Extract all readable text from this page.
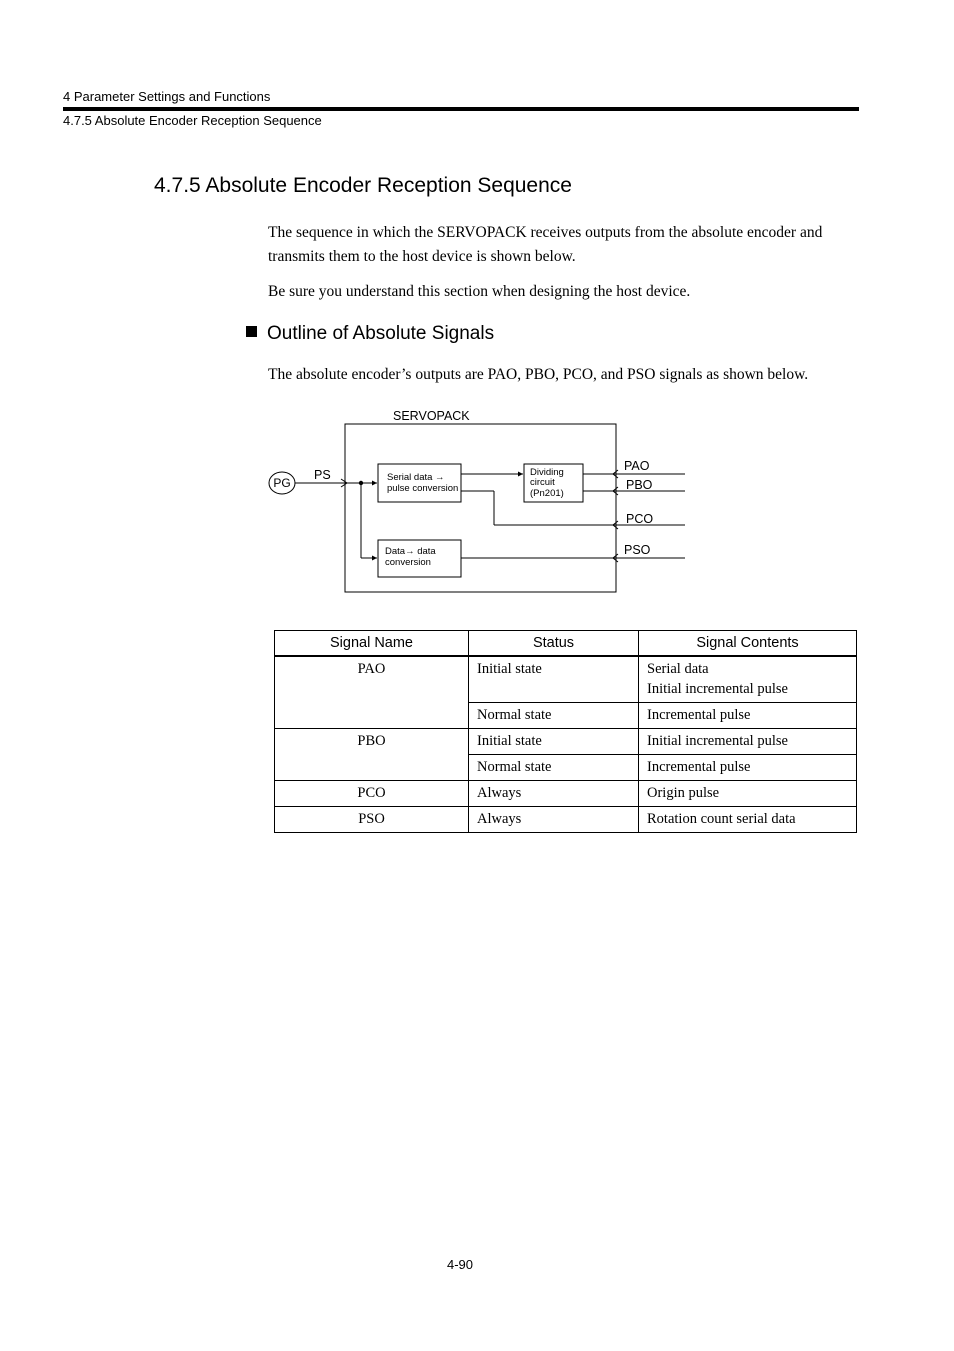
4 Parameter Settings and Functions
4.7.5 Absolute Encoder Reception Sequence
4.7.5 Absolute Encoder Reception Sequence
The sequence in which the SERVOPACK receives outputs from the absolute encoder and transmits them to the host device is shown below.
Be sure you understand this section when designing the host device.
Outline of Absolute Signals
The absolute encoder’s outputs are PAO, PBO, PCO, and PSO signals as shown below.
SERVOPACK
PG
PS	Serial data →
pulse conversion
Dividing
circuit
(Pn201)
Data→ data
conversion
PAO
PBO
PCO
PSO
Signal Name	Status	Signal Contents
PAO	Initial state	Serial data
Initial incremental pulse

	Normal state	Incremental pulse
PBO	Initial state	Initial incremental pulse
	Normal state	Incremental pulse
PCO	Always	Origin pulse
PSO	Always	Rotation count serial data
4-90
